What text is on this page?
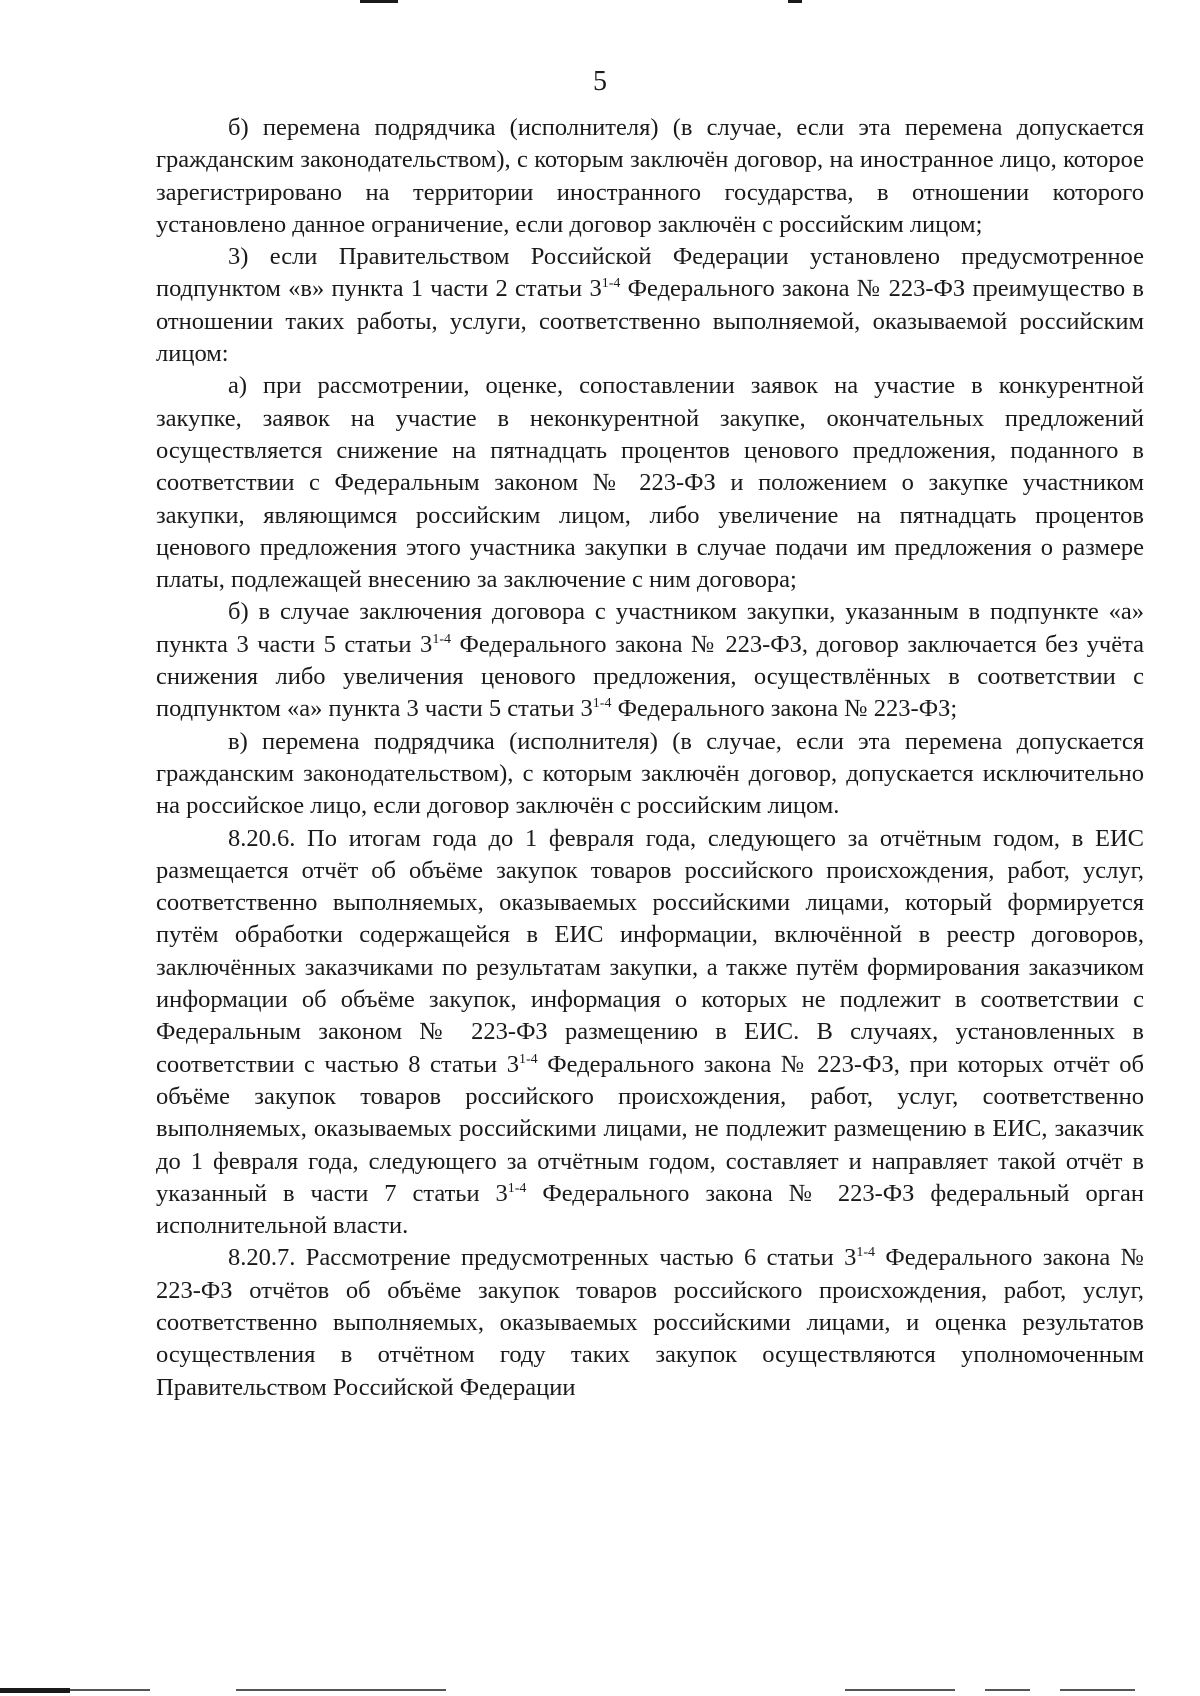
5

б) перемена подрядчика (исполнителя) (в случае, если эта перемена допускается гражданским законодательством), с которым заключён договор, на иностранное лицо, которое зарегистрировано на территории иностранного государства, в отношении которого установлено данное ограничение, если договор заключён с российским лицом;

3) если Правительством Российской Федерации установлено предусмотренное подпунктом «в» пункта 1 части 2 статьи 3$^{1-4}$ Федерального закона № 223-ФЗ преимущество в отношении таких работы, услуги, соответственно выполняемой, оказываемой российским лицом:

а) при рассмотрении, оценке, сопоставлении заявок на участие в конкурентной закупке, заявок на участие в неконкурентной закупке, окончательных предложений осуществляется снижение на пятнадцать процентов ценового предложения, поданного в соответствии с Федеральным законом № 223-ФЗ и положением о закупке участником закупки, являющимся российским лицом, либо увеличение на пятнадцать процентов ценового предложения этого участника закупки в случае подачи им предложения о размере платы, подлежащей внесению за заключение с ним договора;

б) в случае заключения договора с участником закупки, указанным в подпункте «а» пункта 3 части 5 статьи 3$^{1-4}$ Федерального закона № 223-ФЗ, договор заключается без учёта снижения либо увеличения ценового предложения, осуществлённых в соответствии с подпунктом «а» пункта 3 части 5 статьи 3$^{1-4}$ Федерального закона № 223-ФЗ;

в) перемена подрядчика (исполнителя) (в случае, если эта перемена допускается гражданским законодательством), с которым заключён договор, допускается исключительно на российское лицо, если договор заключён с российским лицом.

8.20.6. По итогам года до 1 февраля года, следующего за отчётным годом, в ЕИС размещается отчёт об объёме закупок товаров российского происхождения, работ, услуг, соответственно выполняемых, оказываемых российскими лицами, который формируется путём обработки содержащейся в ЕИС информации, включённой в реестр договоров, заключённых заказчиками по результатам закупки, а также путём формирования заказчиком информации об объёме закупок, информация о которых не подлежит в соответствии с Федеральным законом № 223-ФЗ размещению в ЕИС. В случаях, установленных в соответствии с частью 8 статьи 3$^{1-4}$ Федерального закона № 223-ФЗ, при которых отчёт об объёме закупок товаров российского происхождения, работ, услуг, соответственно выполняемых, оказываемых российскими лицами, не подлежит размещению в ЕИС, заказчик до 1 февраля года, следующего за отчётным годом, составляет и направляет такой отчёт в указанный в части 7 статьи 3$^{1-4}$ Федерального закона № 223-ФЗ федеральный орган исполнительной власти.

8.20.7. Рассмотрение предусмотренных частью 6 статьи 3$^{1-4}$ Федерального закона № 223-ФЗ отчётов об объёме закупок товаров российского происхождения, работ, услуг, соответственно выполняемых, оказываемых российскими лицами, и оценка результатов осуществления в отчётном году таких закупок осуществляются уполномоченным Правительством Российской Федерации
